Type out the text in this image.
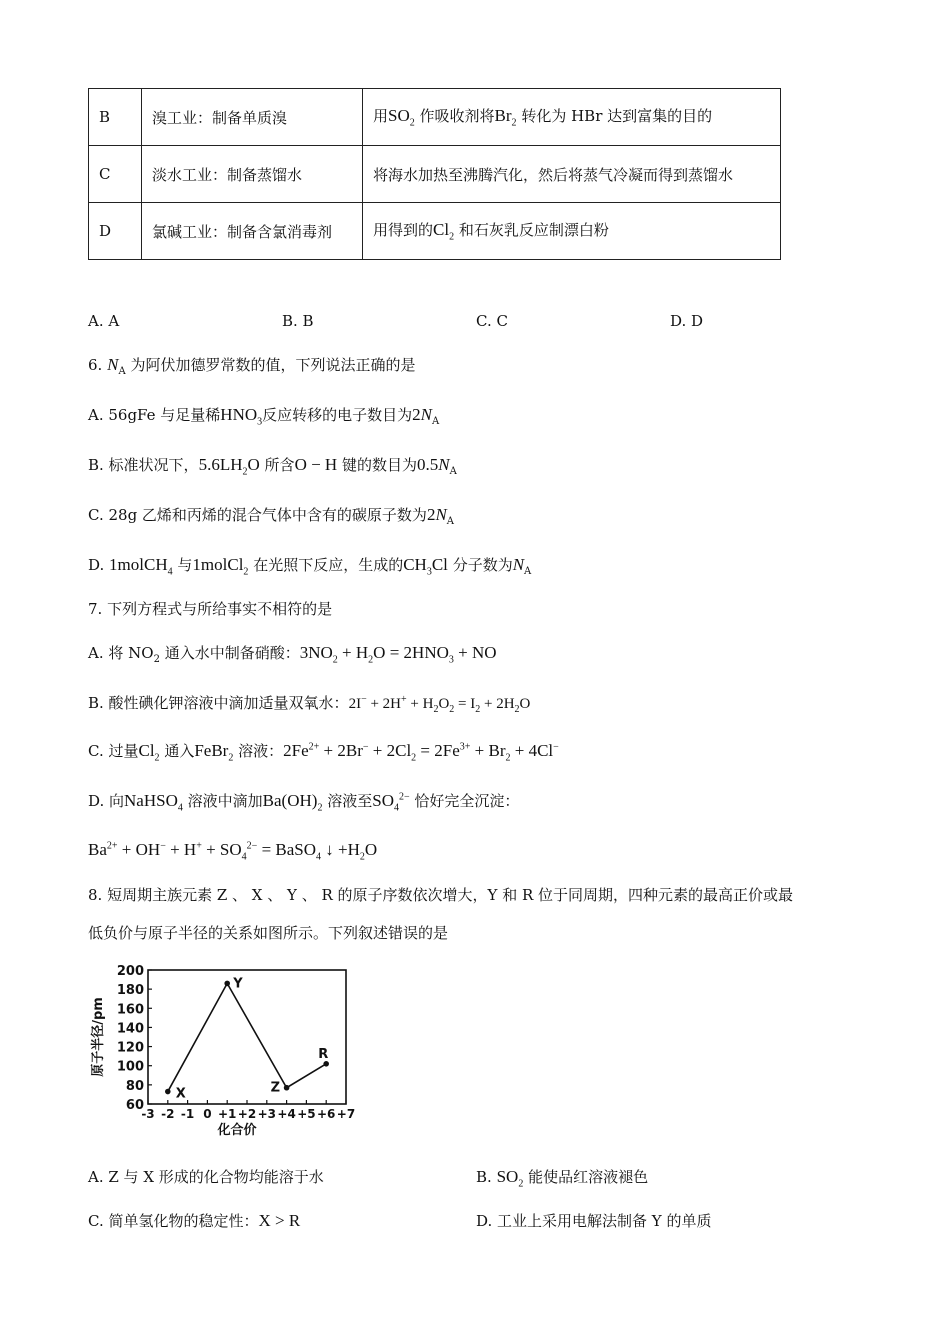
B	溴工业：制备单质溴	用$SO_2$ 作吸收剂将$Br_2$ 转化为 HBr 达到富集的目的
C	淡水工业：制备蒸馏水	将海水加热至沸腾汽化，然后将蒸气冷凝而得到蒸馏水
D	氯碱工业：制备含氯消毒剂	用得到的$Cl_2$ 和石灰乳反应制漂白粉
A. A	B. B	C. C	D. D
6. $N_A$ 为阿伏加德罗常数的值，下列说法正确的是
A. 56gFe 与足量稀$HNO_3$反应转移的电子数目为$2N_A$
B. 标准状况下，$5.6LH_2O$ 所含O − H 键的数目为$0.5N_A$
C. 28g 乙烯和丙烯的混合气体中含有的碳原子数为$2N_A$
D. 1molCH$_4$ 与1molCl$_2$ 在光照下反应，生成的$CH_3Cl$ 分子数为$N_A$
7. 下列方程式与所给事实不相符的是
A. 将 $NO_2$ 通入水中制备硝酸：$3NO_2 + H_2O = 2HNO_3$ + NO
B. 酸性碘化钾溶液中滴加适量双氧水：$2I^- + 2H^+ + H_2O_2 = I_2 + 2H_2O$
C. 过量$Cl_2$ 通入FeBr$_2$ 溶液：$2Fe^{2+} + 2Br^- + 2Cl_2 = 2Fe^{3+} + Br_2 + 4Cl^-$
D. 向NaHSO$_4$ 溶液中滴加$Ba(OH)_2$ 溶液至$SO_4^{2-}$ 恰好完全沉淀：
$Ba^{2+} + OH^- + H^+ + SO_4^{2-}$ = BaSO$_4$ ↓ $+H_2O$
8. 短周期主族元素 Z 、 X 、 Y 、 R 的原子序数依次增大，Y 和 R 位于同周期，四种元素的最高正价或最
低负价与原子半径的关系如图所示。下列叙述错误的是
60
80
100
120
140
160
180
200
-3 -2 -1 0 +1 +2 +3 +4 +5 +6 +7
化合价
原子半径/pm
X
Y
Z
R
A. Z 与 X 形成的化合物均能溶于水	B. $SO_2$ 能使品红溶液褪色
C. 简单氢化物的稳定性：X > R	D. 工业上采用电解法制备 Y 的单质
